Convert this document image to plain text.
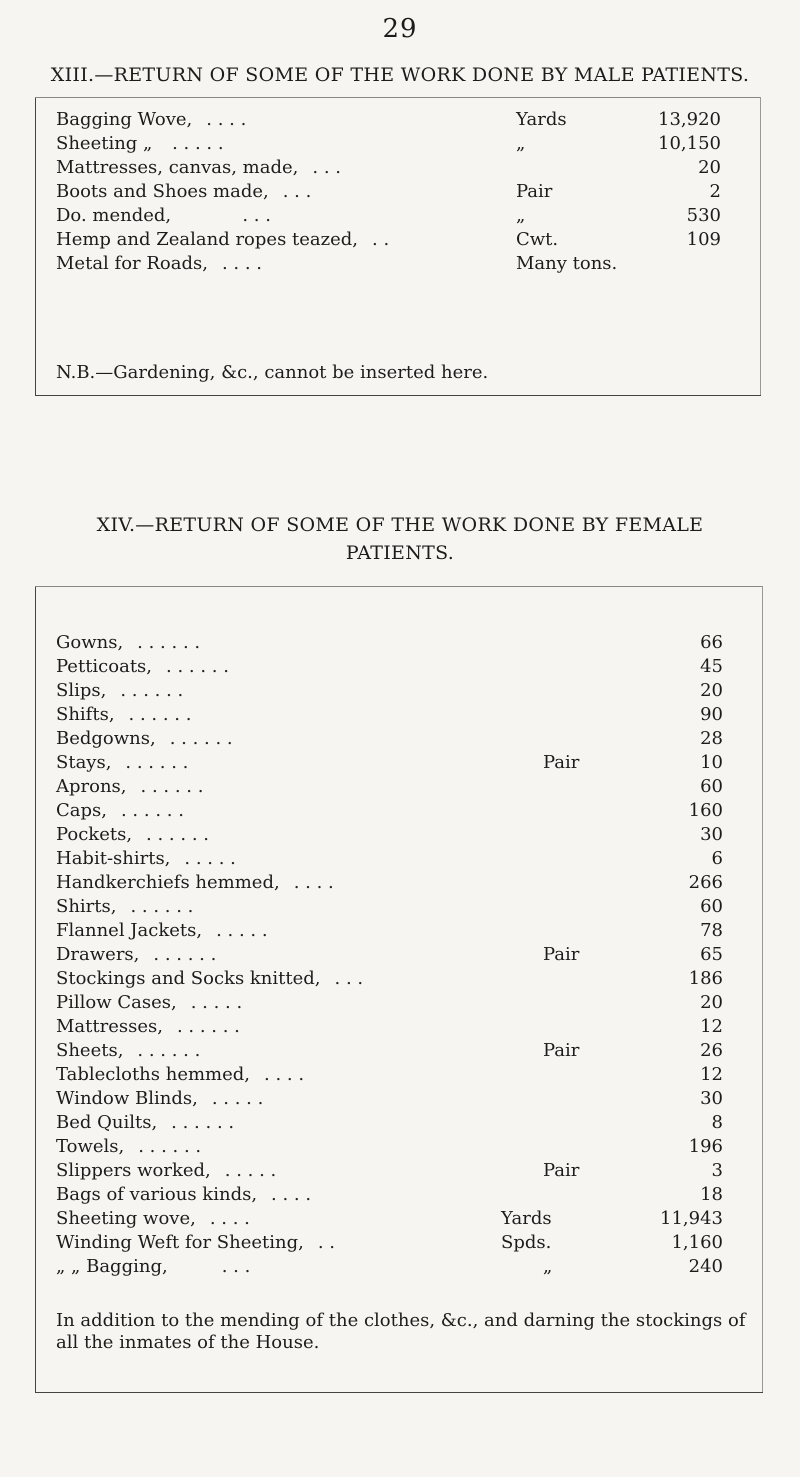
29
XIII.—RETURN OF SOME OF THE WORK DONE BY MALE PATIENTS.
Bagging Wove, . . . .	Yards	13,920
Sheeting „ . . . . .	„	10,150
Mattresses, canvas, made, . . .	20
Boots and Shoes made, . . .	Pair	2
Do. mended,	. . .	„	530
Hemp and Zealand ropes teazed, . .	Cwt.	109
Metal for Roads, . . . .	Many tons.
N.B.—Gardening, &c., cannot be inserted here.
XIV.—RETURN OF SOME OF THE WORK DONE BY FEMALE
PATIENTS.
Gowns, . . . . . .	66
Petticoats, . . . . . .	45
Slips, . . . . . .	20
Shifts, . . . . . .	90
Bedgowns, . . . . . .	28
Stays, . . . . . .	Pair	10
Aprons, . . . . . .	60
Caps, . . . . . .	160
Pockets, . . . . . .	30
Habit-shirts, . . . . .	6
Handkerchiefs hemmed, . . . .	266
Shirts, . . . . . .	60
Flannel Jackets, . . . . .	78
Drawers, . . . . . .	Pair	65
Stockings and Socks knitted, . . .	186
Pillow Cases, . . . . .	20
Mattresses, . . . . . .	12
Sheets, . . . . . .	Pair	26
Tablecloths hemmed, . . . .	12
Window Blinds, . . . . .	30
Bed Quilts, . . . . . .	8
Towels, . . . . . .	196
Slippers worked, . . . . .	Pair	3
Bags of various kinds, . . . .	18
Sheeting wove, . . . .	Yards	11,943
Winding Weft for Sheeting, . .	Spds.	1,160
„ „ Bagging,	. . .	„	240
In addition to the mending of the clothes, &c., and darning the stockings of all the inmates of the House.
